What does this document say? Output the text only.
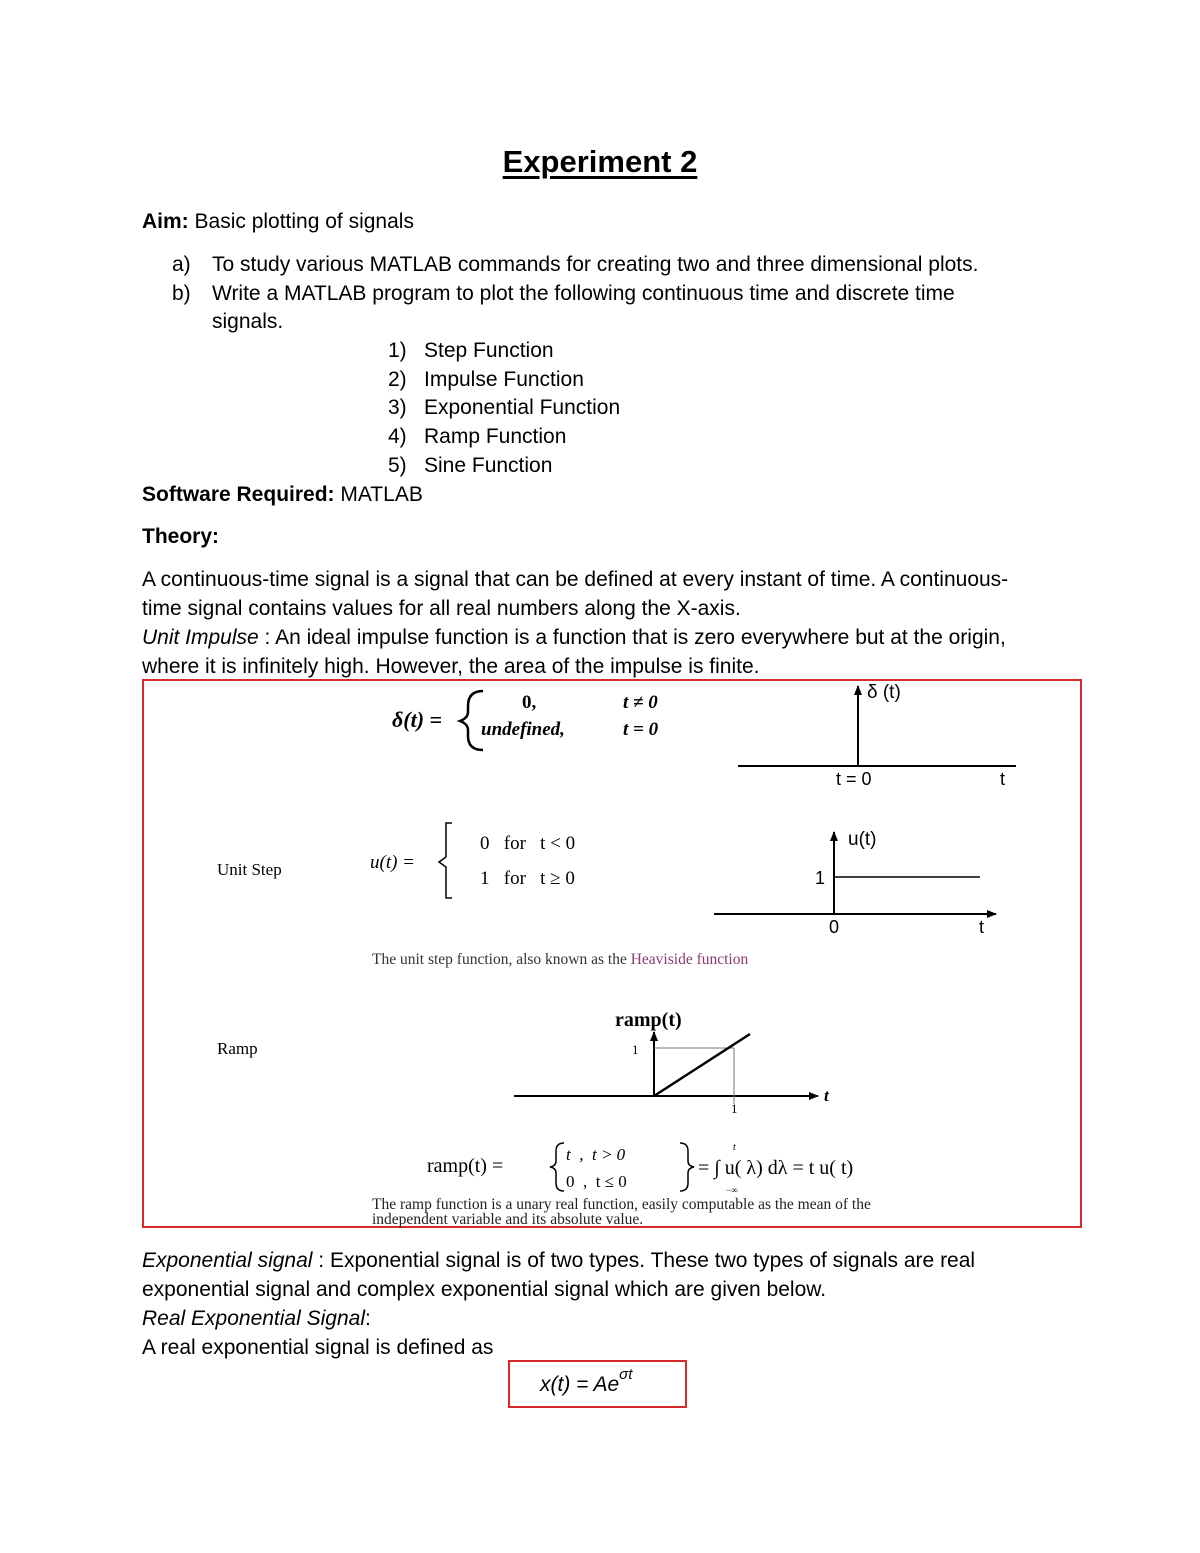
Experiment 2
Aim: Basic plotting of signals
a) To study various MATLAB commands for creating two and three dimensional plots.
b) Write a MATLAB program to plot the following continuous time and discrete time
signals.
1) Step Function
2) Impulse Function
3) Exponential Function
4) Ramp Function
5) Sine Function
Software Required: MATLAB
Theory:
A continuous-time signal is a signal that can be defined at every instant of time. A continuous-
time signal contains values for all real numbers along the X-axis.
Unit Impulse : An ideal impulse function is a function that is zero everywhere but at the origin,
where it is infinitely high. However, the area of the impulse is finite.
δ(t) =
0,	t ≠ 0
undefined,	t = 0
δ (t)
t = 0	t
Unit Step	u(t) =
0   for   t < 0
1   for   t ≥ 0
u(t)
1
0	t
The unit step function, also known as the Heaviside function
Ramp
ramp(t)
1
1
t
ramp(t) =
t  ,  t > 0
0  ,  t ≤ 0
t
−∞
= ∫ u( λ) dλ = t u( t)
The ramp function is a unary real function, easily computable as the mean of the
independent variable and its absolute value.
Exponential signal : Exponential signal is of two types. These two types of signals are real
exponential signal and complex exponential signal which are given below.
Real Exponential Signal:
A real exponential signal is defined as
$x(t) = Ae^{\sigma t}$
